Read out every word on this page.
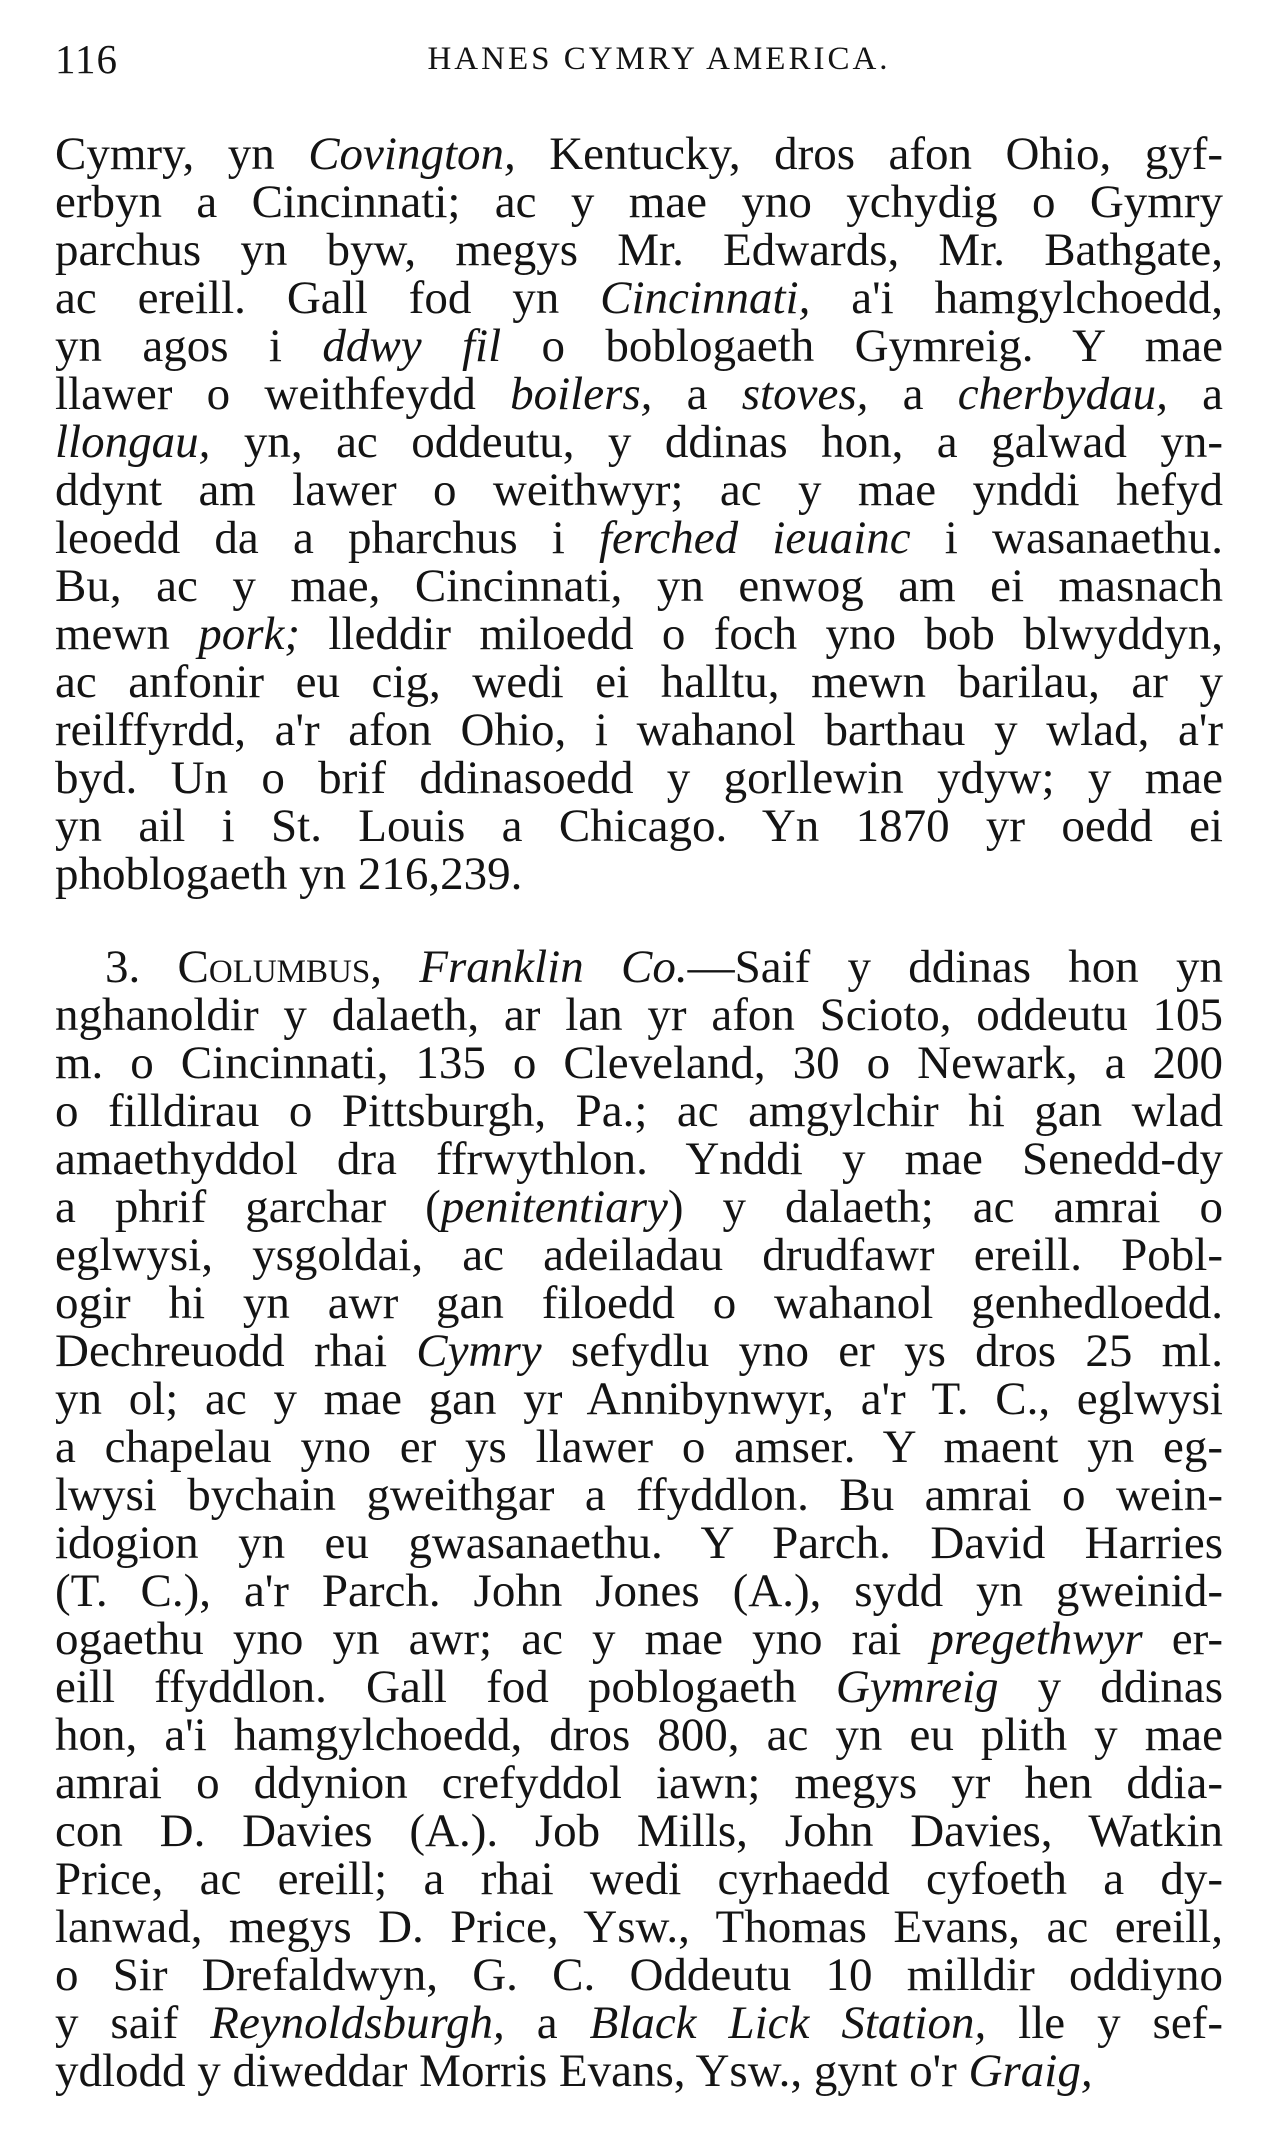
116	HANES CYMRY AMERICA.
Cymry, yn Covington, Kentucky, dros afon Ohio, gyf-
erbyn a Cincinnati; ac y mae yno ychydig o Gymry
parchus yn byw, megys Mr. Edwards, Mr. Bathgate,
ac ereill. Gall fod yn Cincinnati, a'i hamgylchoedd,
yn agos i ddwy fil o boblogaeth Gymreig. Y mae
llawer o weithfeydd boilers, a stoves, a cherbydau, a
llongau, yn, ac oddeutu, y ddinas hon, a galwad yn-
ddynt am lawer o weithwyr; ac y mae ynddi hefyd
leoedd da a pharchus i ferched ieuainc i wasanaethu.
Bu, ac y mae, Cincinnati, yn enwog am ei masnach
mewn pork; lleddir miloedd o foch yno bob blwyddyn,
ac anfonir eu cig, wedi ei halltu, mewn barilau, ar y
reilffyrdd, a'r afon Ohio, i wahanol barthau y wlad, a'r
byd. Un o brif ddinasoedd y gorllewin ydyw; y mae
yn ail i St. Louis a Chicago. Yn 1870 yr oedd ei
phoblogaeth yn 216,239.
3. Columbus, Franklin Co.—Saif y ddinas hon yn
nghanoldir y dalaeth, ar lan yr afon Scioto, oddeutu 105
m. o Cincinnati, 135 o Cleveland, 30 o Newark, a 200
o filldirau o Pittsburgh, Pa.; ac amgylchir hi gan wlad
amaethyddol dra ffrwythlon. Ynddi y mae Senedd-dy
a phrif garchar (penitentiary) y dalaeth; ac amrai o
eglwysi, ysgoldai, ac adeiladau drudfawr ereill. Pobl-
ogir hi yn awr gan filoedd o wahanol genhedloedd.
Dechreuodd rhai Cymry sefydlu yno er ys dros 25 ml.
yn ol; ac y mae gan yr Annibynwyr, a'r T. C., eglwysi
a chapelau yno er ys llawer o amser. Y maent yn eg-
lwysi bychain gweithgar a ffyddlon. Bu amrai o wein-
idogion yn eu gwasanaethu. Y Parch. David Harries
(T. C.), a'r Parch. John Jones (A.), sydd yn gweinid-
ogaethu yno yn awr; ac y mae yno rai pregethwyr er-
eill ffyddlon. Gall fod poblogaeth Gymreig y ddinas
hon, a'i hamgylchoedd, dros 800, ac yn eu plith y mae
amrai o ddynion crefyddol iawn; megys yr hen ddia-
con D. Davies (A.). Job Mills, John Davies, Watkin
Price, ac ereill; a rhai wedi cyrhaedd cyfoeth a dy-
lanwad, megys D. Price, Ysw., Thomas Evans, ac ereill,
o Sir Drefaldwyn, G. C. Oddeutu 10 milldir oddiyno
y saif Reynoldsburgh, a Black Lick Station, lle y sef-
ydlodd y diweddar Morris Evans, Ysw., gynt o'r Graig,
